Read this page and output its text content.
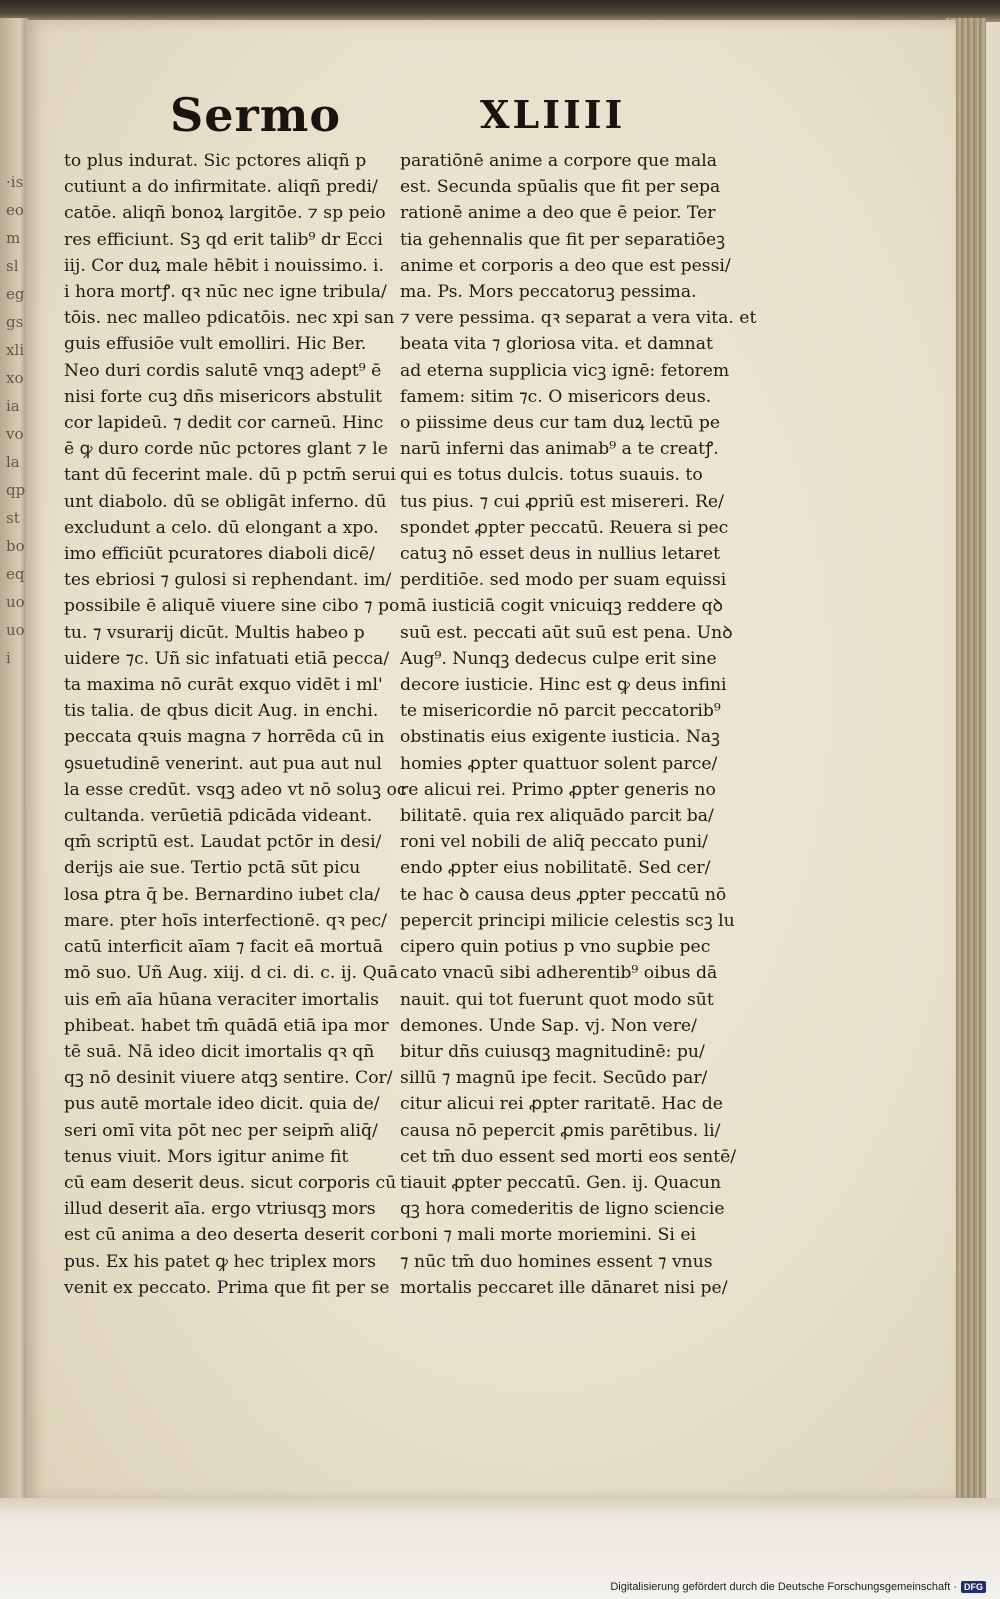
·iseomsleggsxlixoiavolaqpstboequouoi
Sermo	XLIIII
to plus indurat. Sic pctores aliqñ p
cutiunt a do infirmitate. aliqñ predi/
catōe. aliqñ bonoꝝ largitōe. ⁊ sp peio
res efficiunt. Sꝫ qd erit talib⁹ dr Ecci
iij. Cor duꝝ male hēbit i nouissimo. i.
i hora mortꝭ. qꝛ nūc nec igne tribula/
tōis. nec malleo pdicatōis. nec xpi san
guis effusiōe vult emolliri. Hic Ber.
Neo duri cordis salutē vnqꝫ adept⁹ ē
nisi forte cuꝫ dñs misericors abstulit
cor lapideū. ⁊ dedit cor carneū. Hinc
ē ꝙ duro corde nūc pctores glant ⁊ le
tant dū fecerint male. dū p pctm̄ serui
unt diabolo. dū se obligāt inferno. dū
excludunt a celo. dū elongant a xpo.
imo efficiūt pcuratores diaboli dicē/
tes ebriosi ⁊ gulosi si rephendant. im/
possibile ē aliquē viuere sine cibo ⁊ po
tu. ⁊ vsurarij dicūt. Multis habeo p
uidere ⁊c. Uñ sic infatuati etiā pecca/
ta maxima nō curāt exquo vidēt i ml'
tis talia. de qbus dicit Aug. in enchi.
peccata qꝛuis magna ⁊ horrēda cū in
ꝯsuetudinē venerint. aut pua aut nul
la esse credūt. vsqꝫ adeo vt nō soluꝫ oc
cultanda. verūetiā pdicāda videant.
qm̄ scriptū est. Laudat pctōr in desi/
derijs aie sue. Tertio pctā sūt picu
losa ꝑtra q̄ be. Bernardino iubet cla/
mare. pter hoīs interfectionē. qꝛ pec/
catū interficit aīam ⁊ facit eā mortuā
mō suo. Uñ Aug. xiij. d ci. di. c. ij. Quā
uis em̄ aīa hūana veraciter imortalis
phibeat. habet tm̄ quādā etiā ipa mor
tē suā. Nā ideo dicit imortalis qꝛ qñ
qꝫ nō desinit viuere atqꝫ sentire. Cor/
pus autē mortale ideo dicit. quia de/
seri omī vita pōt nec per seipm̄ aliq̄/
tenus viuit. Mors igitur anime fit
cū eam deserit deus. sicut corporis cū
illud deserit aīa. ergo vtriusqꝫ mors
est cū anima a deo deserta deserit cor
pus. Ex his patet ꝙ hec triplex mors
venit ex peccato. Prima que fit per se
paratiōnē anime a corpore que mala
est. Secunda spūalis que fit per sepa
rationē anime a deo que ē peior. Ter
tia gehennalis que fit per separatiōeꝫ
anime et corporis a deo que est pessi/
ma. Ps. Mors peccatoruꝫ pessima.
⁊ vere pessima. qꝛ separat a vera vita. et
beata vita ⁊ gloriosa vita. et damnat
ad eterna supplicia vicꝫ ignē: fetorem
famem: sitim ⁊c. O misericors deus.
o piissime deus cur tam duꝝ lectū pe
narū inferni das animab⁹ a te creatꝭ.
qui es totus dulcis. totus suauis. to
tus pius. ⁊ cui ꝓpriū est misereri. Re/
spondet ꝓpter peccatū. Reuera si pec
catuꝫ nō esset deus in nullius letaret
perditiōe. sed modo per suam equissi
mā iusticiā cogit vnicuiqꝫ reddere qꝺ
suū est. peccati aūt suū est pena. Unꝺ
Aug⁹. Nunqꝫ dedecus culpe erit sine
decore iusticie. Hinc est ꝙ deus infini
te misericordie nō parcit peccatorib⁹
obstinatis eius exigente iusticia. Naꝫ
homies ꝓpter quattuor solent parce/
re alicui rei. Primo ꝓpter generis no
bilitatē. quia rex aliquādo parcit ba/
roni vel nobili de aliq̄ peccato puni/
endo ꝓpter eius nobilitatē. Sed cer/
te hac ꝺ causa deus ꝓpter peccatū nō
pepercit principi milicie celestis scꝫ lu
cipero quin potius p vno suꝑbie pec
cato vnacū sibi adherentib⁹ oibus dā
nauit. qui tot fuerunt quot modo sūt
demones. Unde Sap. vj. Non vere/
bitur dñs cuiusqꝫ magnitudinē: pu/
sillū ⁊ magnū ipe fecit. Secūdo par/
citur alicui rei ꝓpter raritatē. Hac de
causa nō pepercit ꝓmis parētibus. li/
cet tm̄ duo essent sed morti eos sentē/
tiauit ꝓpter peccatū. Gen. ij. Quacun
qꝫ hora comederitis de ligno sciencie
boni ⁊ mali morte moriemini. Si ei
⁊ nūc tm̄ duo homines essent ⁊ vnus
mortalis peccaret ille dānaret nisi pe/
Digitalisierung gefördert durch die Deutsche Forschungsgemeinschaft · DFG
